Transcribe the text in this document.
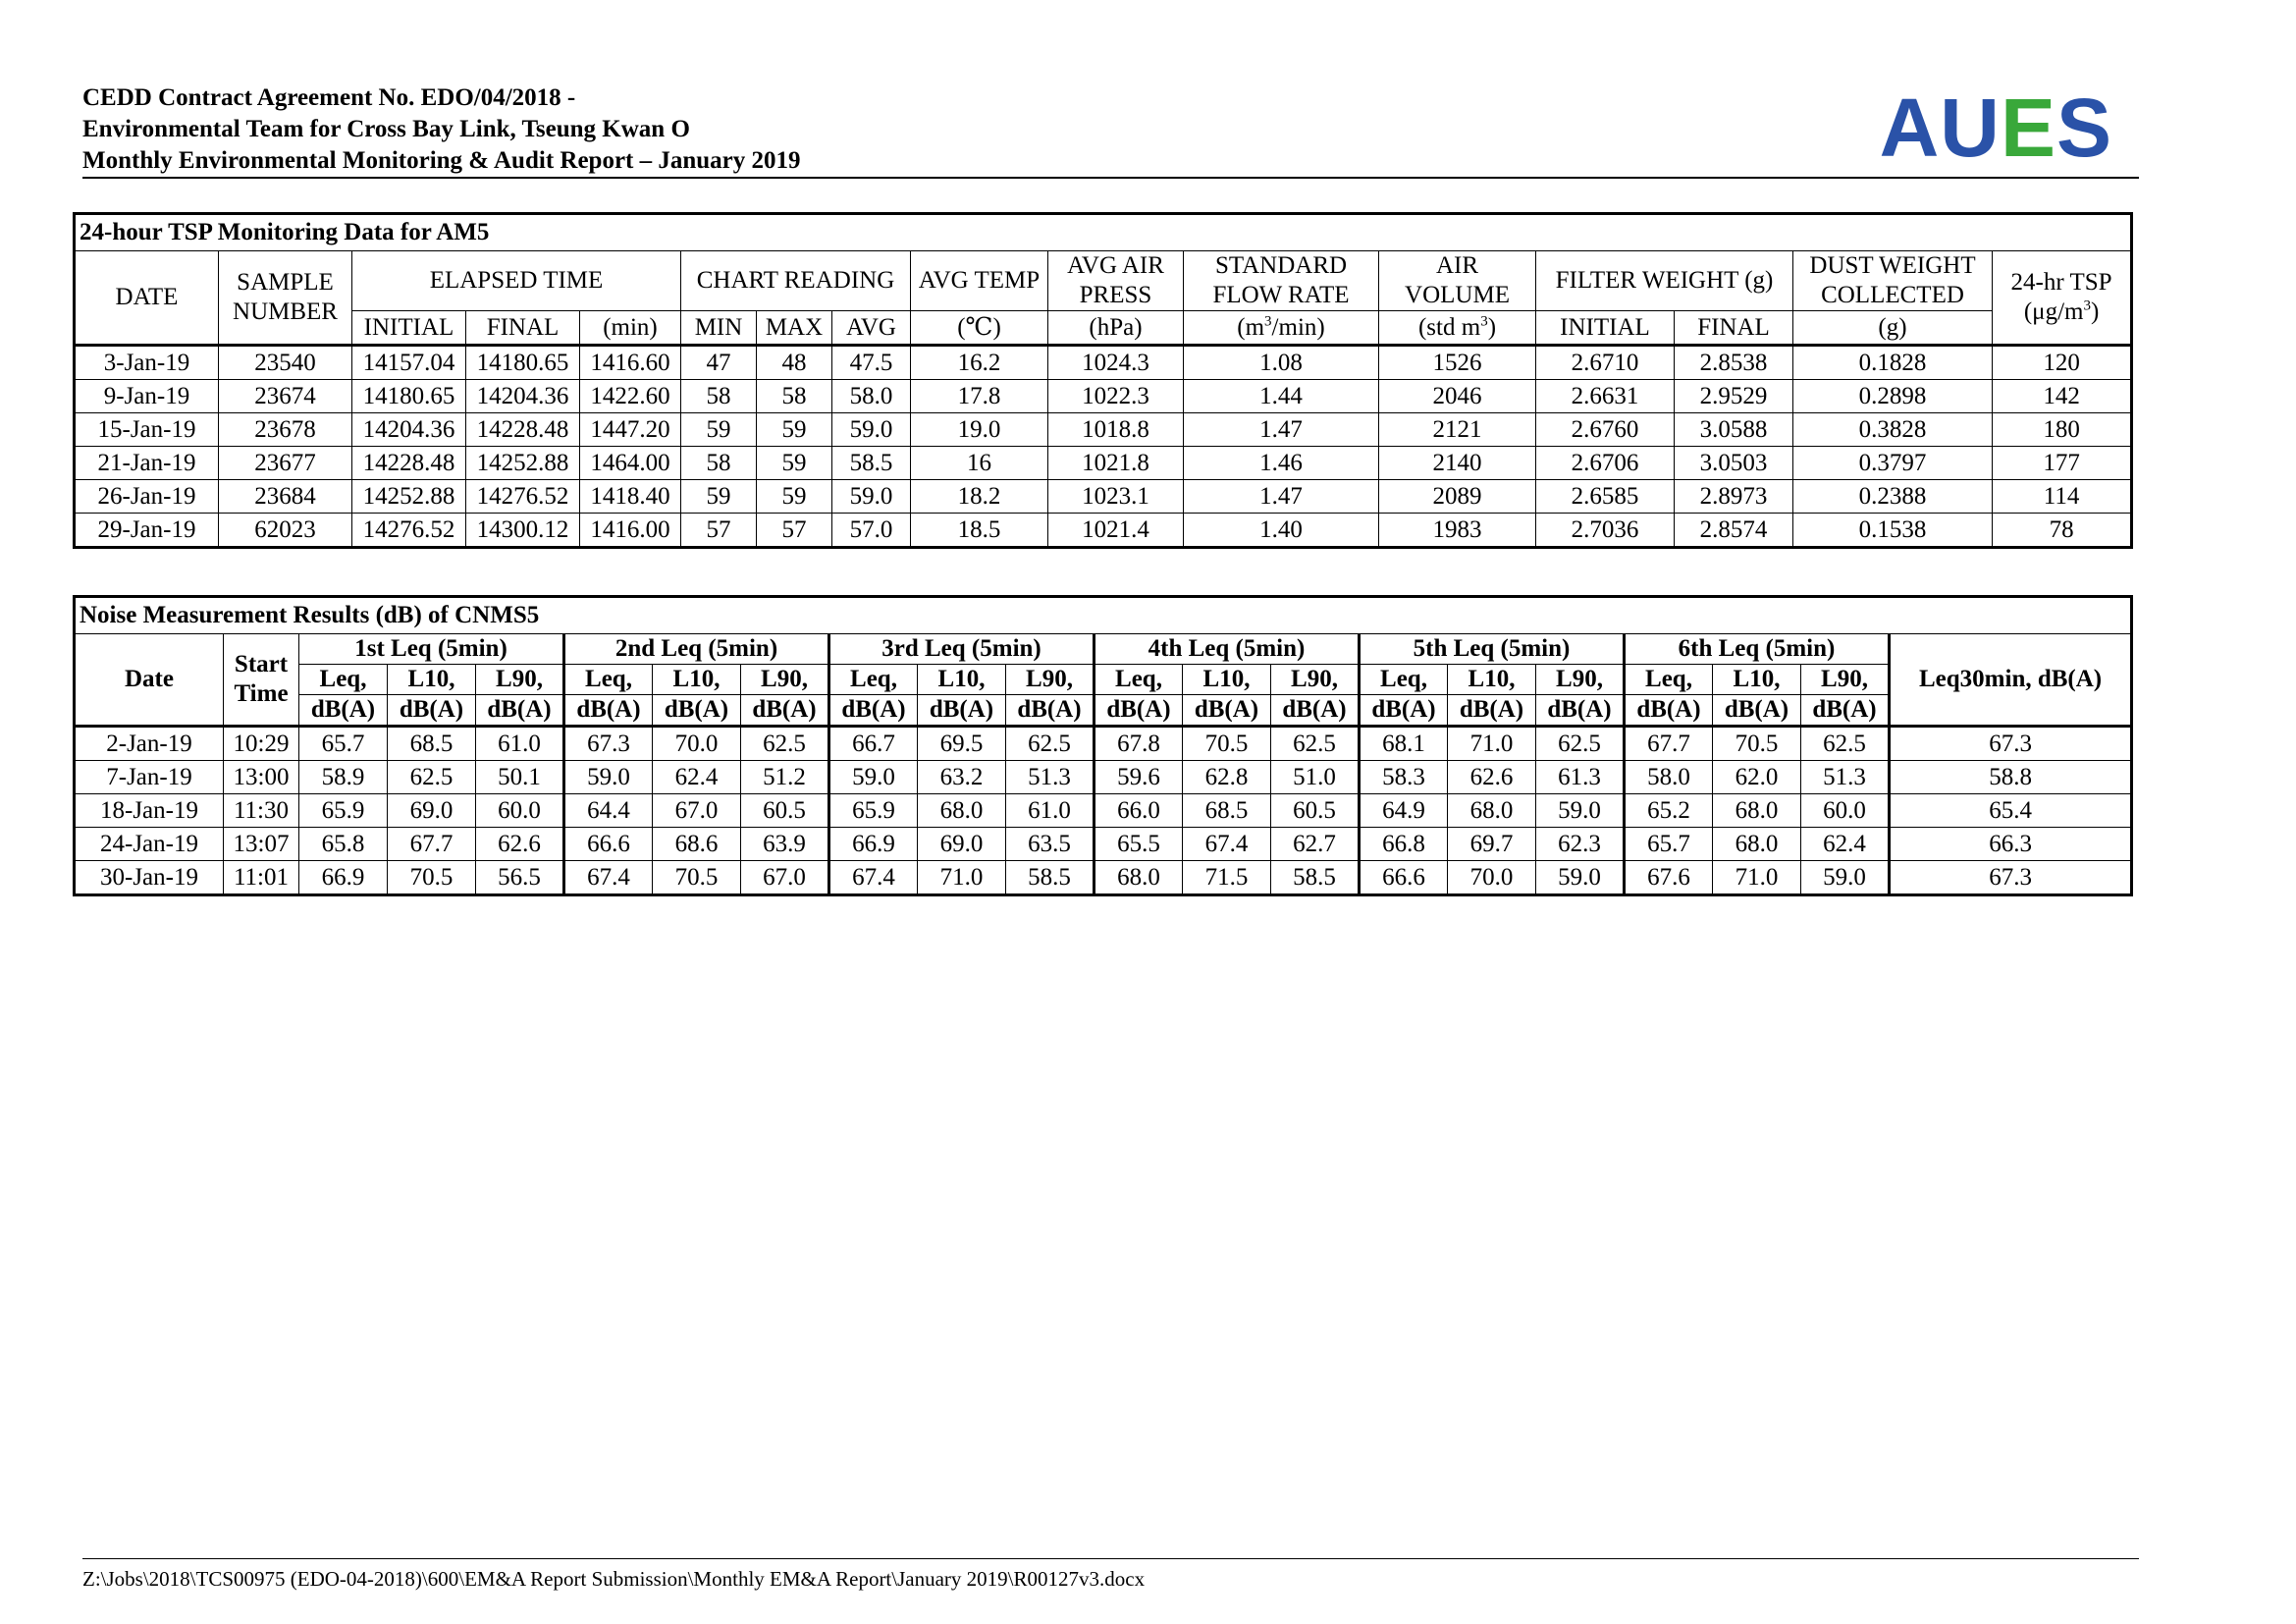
CEDD Contract Agreement No. EDO/04/2018 -
Environmental Team for Cross Bay Link, Tseung Kwan O
Monthly Environmental Monitoring & Audit Report – January 2019	AUES
24-hour TSP Monitoring Data for AM5															
DATE	SAMPLE NUMBER	ELAPSED TIME			CHART READING			AVG TEMP	AVG AIR PRESS	STANDARD FLOW RATE	AIR VOLUME	FILTER WEIGHT (g)		DUST WEIGHT COLLECTED	24-hr TSP
$(\mu g/m^3)$
		INITIAL	FINAL	(min)	MIN	MAX	AVG	(℃)	(hPa)	$(m^3/\min)$	(std $m^3$)	INITIAL	FINAL	(g)	
3-Jan-19	23540	14157.04	14180.65	1416.60	47	48	47.5	16.2	1024.3	1.08	1526	2.6710	2.8538	0.1828	120
9-Jan-19	23674	14180.65	14204.36	1422.60	58	58	58.0	17.8	1022.3	1.44	2046	2.6631	2.9529	0.2898	142
15-Jan-19	23678	14204.36	14228.48	1447.20	59	59	59.0	19.0	1018.8	1.47	2121	2.6760	3.0588	0.3828	180
21-Jan-19	23677	14228.48	14252.88	1464.00	58	59	58.5	16	1021.8	1.46	2140	2.6706	3.0503	0.3797	177
26-Jan-19	23684	14252.88	14276.52	1418.40	59	59	59.0	18.2	1023.1	1.47	2089	2.6585	2.8973	0.2388	114
29-Jan-19	62023	14276.52	14300.12	1416.00	57	57	57.0	18.5	1021.4	1.40	1983	2.7036	2.8574	0.1538	78
Noise Measurement Results (dB) of CNMS5																				
Date	Start Time	1st Leq (5min)			2nd Leq (5min)			3rd Leq (5min)			4th Leq (5min)			5th Leq (5min)			6th Leq (5min)			Leq30min, dB(A)
		Leq,	L10,	L90,	Leq,	L10,	L90,	Leq,	L10,	L90,	Leq,	L10,	L90,	Leq,	L10,	L90,	Leq,	L10,	L90,	
		dB(A)	dB(A)	dB(A)	dB(A)	dB(A)	dB(A)	dB(A)	dB(A)	dB(A)	dB(A)	dB(A)	dB(A)	dB(A)	dB(A)	dB(A)	dB(A)	dB(A)	dB(A)	
2-Jan-19	10:29	65.7	68.5	61.0	67.3	70.0	62.5	66.7	69.5	62.5	67.8	70.5	62.5	68.1	71.0	62.5	67.7	70.5	62.5	67.3
7-Jan-19	13:00	58.9	62.5	50.1	59.0	62.4	51.2	59.0	63.2	51.3	59.6	62.8	51.0	58.3	62.6	61.3	58.0	62.0	51.3	58.8
18-Jan-19	11:30	65.9	69.0	60.0	64.4	67.0	60.5	65.9	68.0	61.0	66.0	68.5	60.5	64.9	68.0	59.0	65.2	68.0	60.0	65.4
24-Jan-19	13:07	65.8	67.7	62.6	66.6	68.6	63.9	66.9	69.0	63.5	65.5	67.4	62.7	66.8	69.7	62.3	65.7	68.0	62.4	66.3
30-Jan-19	11:01	66.9	70.5	56.5	67.4	70.5	67.0	67.4	71.0	58.5	68.0	71.5	58.5	66.6	70.0	59.0	67.6	71.0	59.0	67.3
Z:\Jobs\2018\TCS00975 (EDO-04-2018)\600\EM&A Report Submission\Monthly EM&A Report\January 2019\R00127v3.docx
